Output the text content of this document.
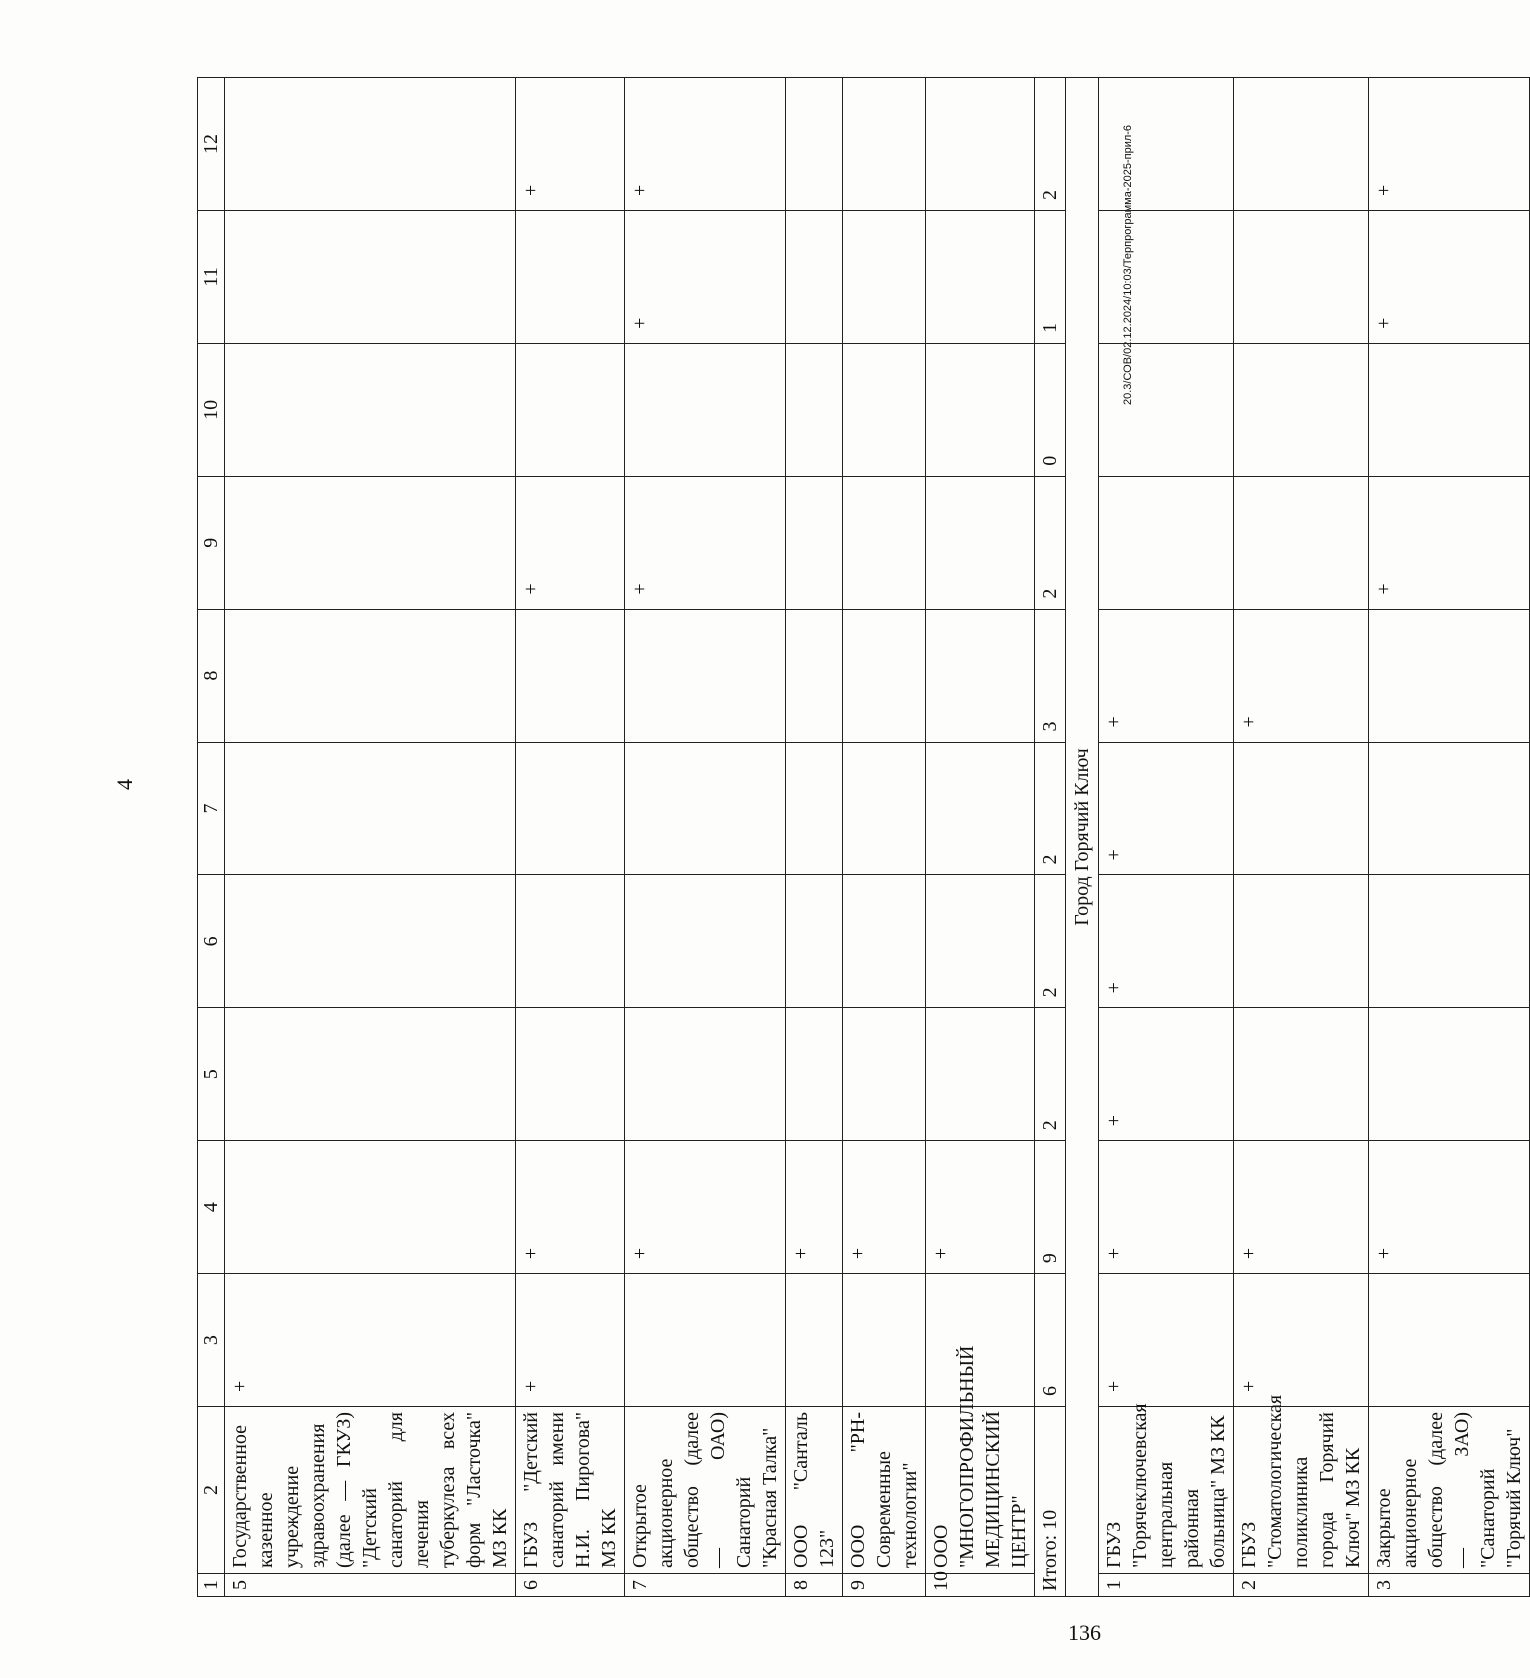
4
20.3/СОВ/02.12.2024/10:03/Терпрограмма-2025-прил-6
136
1	2	3	4	5	6	7	8	9	10	11	12
5	Государственное казенное учреждение здравоохранения (далее — ГКУЗ) "Детский санаторий для лечения туберкулеза всех форм "Ласточка" МЗ КК	+									
6	ГБУЗ "Детский санаторий имени Н.И. Пирогова" МЗ КК	+	+					+			+
7	Открытое акционерное общество (далее — ОАО) Санаторий "Красная Талка"		+					+		+	+
8	ООО "Санталь 123"		+								
9	ООО "РН-Современные технологии"		+								
10	ООО "МНОГОПРОФИЛЬНЫЙ МЕДИЦИНСКИЙ ЦЕНТР"		+								
Итого: 10		6	9	2	2	2	3	2	0	1	2
Город Горячий Ключ											
1	ГБУЗ "Горячеключевская центральная районная больница" МЗ КК	+	+	+	+	+	+				
2	ГБУЗ "Стоматологическая поликлиника города Горячий Ключ" МЗ КК	+	+				+				
3	Закрытое акционерное общество (далее — ЗАО) "Санаторий "Горячий Ключ"		+					+		+	+
